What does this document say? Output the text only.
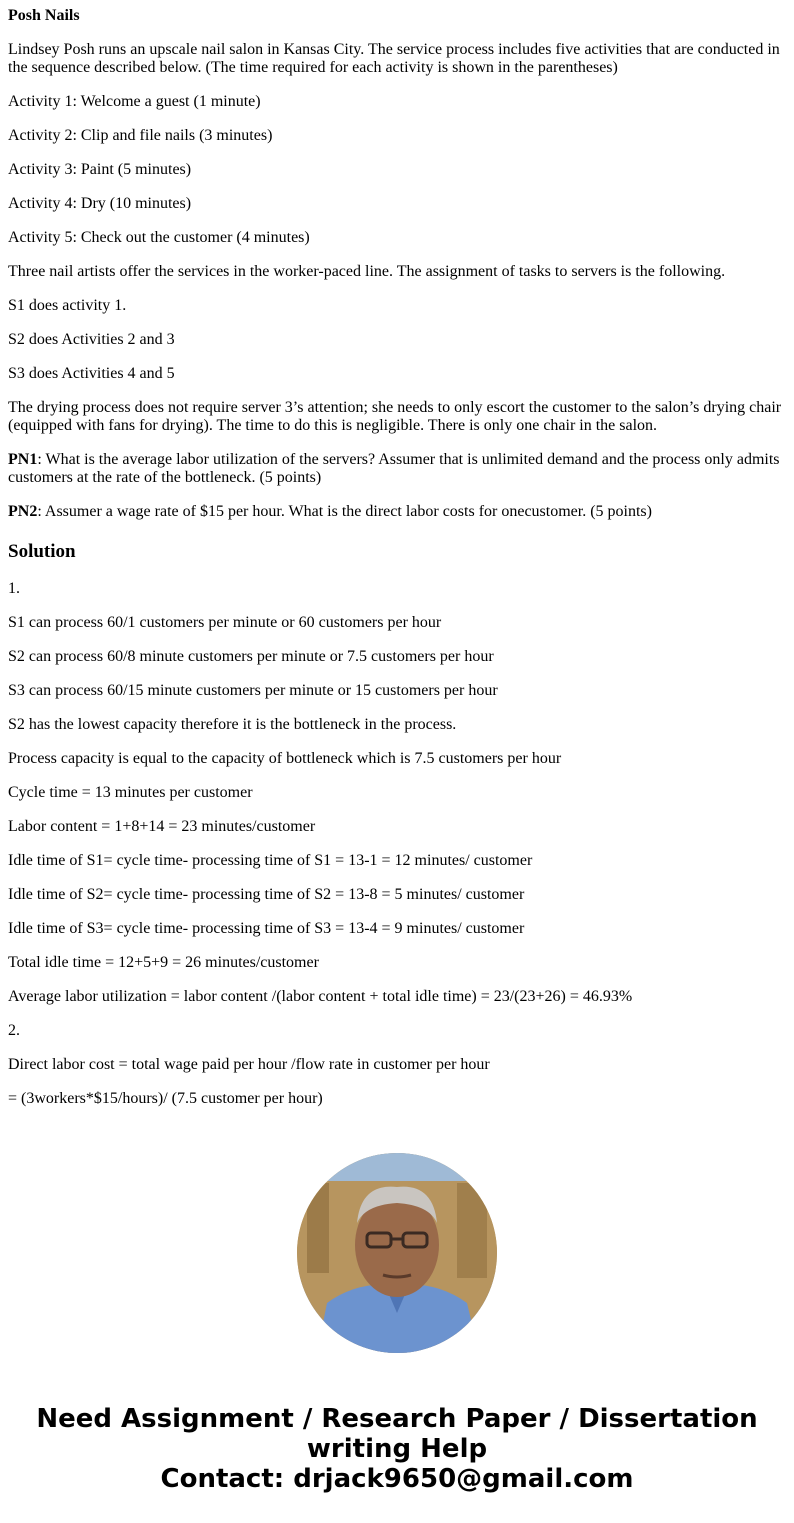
Posh Nails

Lindsey Posh runs an upscale nail salon in Kansas City. The service process includes five activities that are conducted in the sequence described below. (The time required for each activity is shown in the parentheses)

Activity 1: Welcome a guest (1 minute)

Activity 2: Clip and file nails (3 minutes)

Activity 3: Paint (5 minutes)

Activity 4: Dry (10 minutes)

Activity 5: Check out the customer (4 minutes)

Three nail artists offer the services in the worker-paced line. The assignment of tasks to servers is the following.

S1 does activity 1.

S2 does Activities 2 and 3

S3 does Activities 4 and 5

The drying process does not require server 3’s attention; she needs to only escort the customer to the salon’s drying chair (equipped with fans for drying). The time to do this is negligible. There is only one chair in the salon.

PN1: What is the average labor utilization of the servers? Assumer that is unlimited demand and the process only admits customers at the rate of the bottleneck. (5 points)

PN2: Assumer a wage rate of $15 per hour. What is the direct labor costs for onecustomer. (5 points)

Solution

1.

S1 can process 60/1 customers per minute or 60 customers per hour

S2 can process 60/8 minute customers per minute or 7.5 customers per hour

S3 can process 60/15 minute customers per minute or 15 customers per hour

S2 has the lowest capacity therefore it is the bottleneck in the process.

Process capacity is equal to the capacity of bottleneck which is 7.5 customers per hour

Cycle time = 13 minutes per customer

Labor content = 1+8+14 = 23 minutes/customer

Idle time of S1= cycle time- processing time of S1 = 13-1 = 12 minutes/ customer

Idle time of S2= cycle time- processing time of S2 = 13-8 = 5 minutes/ customer

Idle time of S3= cycle time- processing time of S3 = 13-4 = 9 minutes/ customer

Total idle time = 12+5+9 = 26 minutes/customer

Average labor utilization = labor content /(labor content + total idle time) = 23/(23+26) = 46.93%

2.

Direct labor cost = total wage paid per hour /flow rate in customer per hour

= (3workers*$15/hours)/ (7.5 customer per hour)

Need Assignment / Research Paper / Dissertation
writing Help
Contact: drjack9650@gmail.com
